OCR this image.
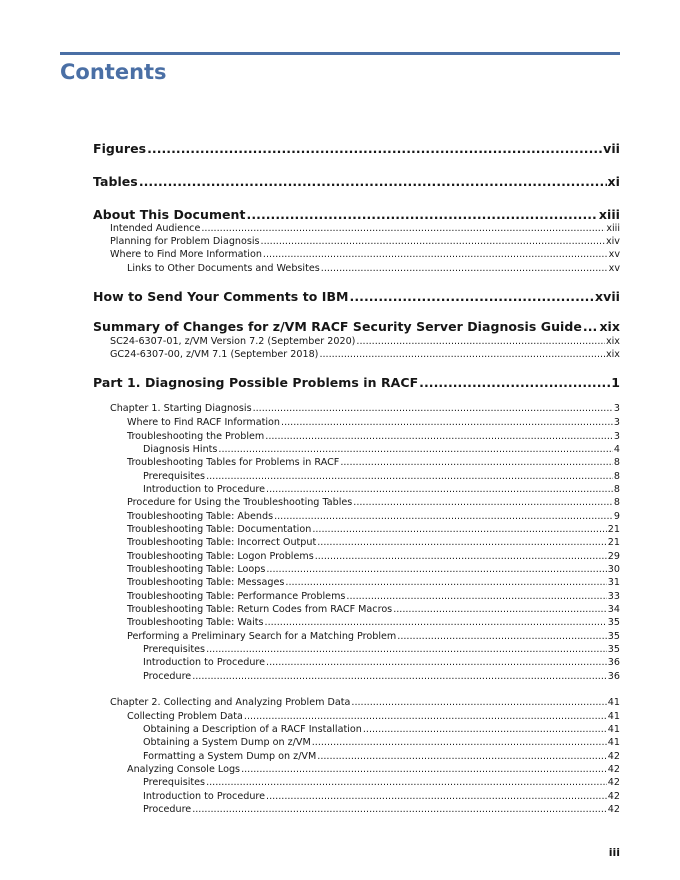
Contents
Figures .....	vii
Tables .....	xi
About This Document .....	xiii
Intended Audience .....	xiii
Planning for Problem Diagnosis .....	xiv
Where to Find More Information .....	xv
Links to Other Documents and Websites .....	xv
How to Send Your Comments to IBM .....	xvii
Summary of Changes for z/VM RACF Security Server Diagnosis Guide ..... xix
SC24-6307-01, z/VM Version 7.2 (September 2020) .....	xix
GC24-6307-00, z/VM 7.1 (September 2018) .....	xix
Part 1. Diagnosing Possible Problems in RACF .....	1
Chapter 1. Starting Diagnosis .....	3
Where to Find RACF Information .....	3
Troubleshooting the Problem .....	3
Diagnosis Hints .....	4
Troubleshooting Tables for Problems in RACF .....	8
Prerequisites .....	8
Introduction to Procedure .....	8
Procedure for Using the Troubleshooting Tables .....	8
Troubleshooting Table: Abends .....	9
Troubleshooting Table: Documentation .....	21
Troubleshooting Table: Incorrect Output .....	21
Troubleshooting Table: Logon Problems .....	29
Troubleshooting Table: Loops .....	30
Troubleshooting Table: Messages .....	31
Troubleshooting Table: Performance Problems .....	33
Troubleshooting Table: Return Codes from RACF Macros .....	34
Troubleshooting Table: Waits .....	35
Performing a Preliminary Search for a Matching Problem .....	35
Prerequisites .....	35
Introduction to Procedure .....	36
Procedure .....	36
Chapter 2. Collecting and Analyzing Problem Data .....	41
Collecting Problem Data .....	41
Obtaining a Description of a RACF Installation .....	41
Obtaining a System Dump on z/VM .....	41
Formatting a System Dump on z/VM .....	42
Analyzing Console Logs .....	42
Prerequisites .....	42
Introduction to Procedure .....	42
Procedure .....	42
iii
